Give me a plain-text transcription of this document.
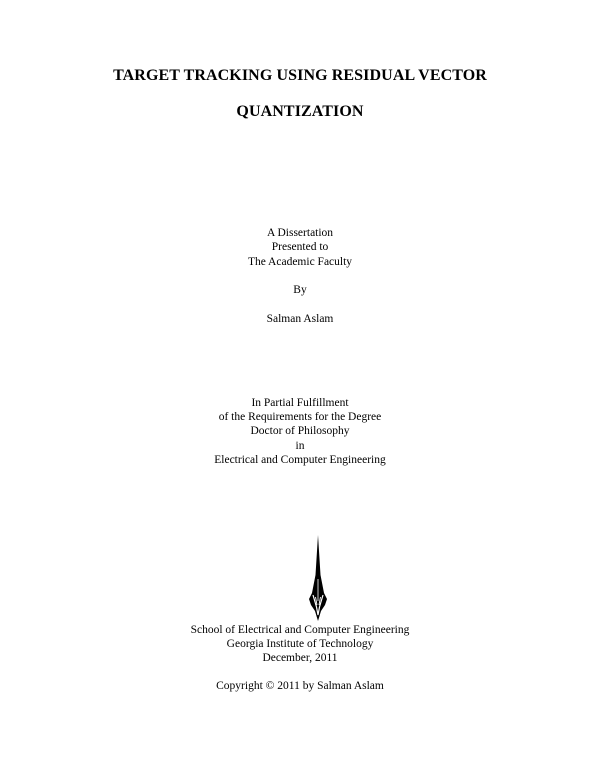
TARGET TRACKING USING RESIDUAL VECTOR
QUANTIZATION
A Dissertation
Presented to
The Academic Faculty
By
Salman Aslam
In Partial Fulfillment
of the Requirements for the Degree
Doctor of Philosophy
in
Electrical and Computer Engineering
School of Electrical and Computer Engineering
Georgia Institute of Technology
December, 2011
Copyright © 2011 by Salman Aslam
